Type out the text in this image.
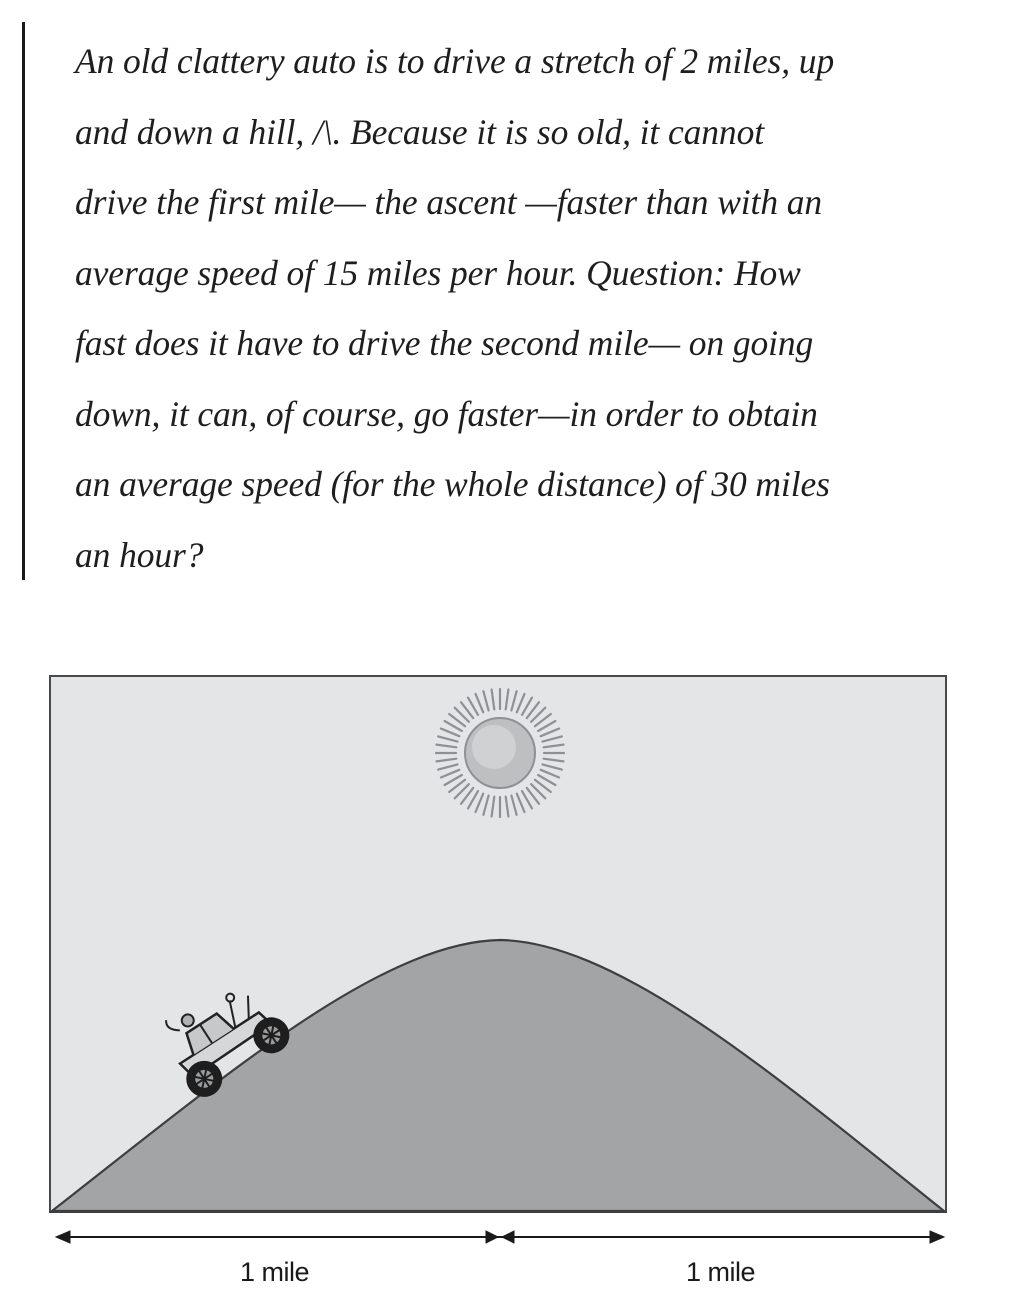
An old clattery auto is to drive a stretch of 2 miles, up
and down a hill, /\. Because it is so old, it cannot
drive the first mile— the ascent —faster than with an
average speed of 15 miles per hour. Question: How
fast does it have to drive the second mile— on going
down, it can, of course, go faster—in order to obtain
an average speed (for the whole distance) of 30 miles
an hour?

1 mile	1 mile
